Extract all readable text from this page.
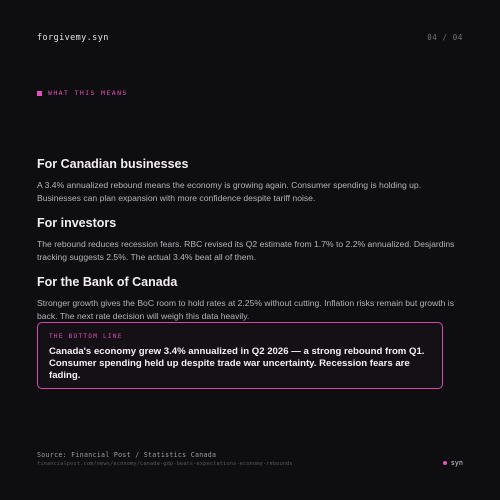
forgivemy.syn	04 / 04
WHAT THIS MEANS
For Canadian businesses

A 3.4% annualized rebound means the economy is growing again. Consumer spending is holding up. Businesses can plan expansion with more confidence despite tariff noise.

For investors

The rebound reduces recession fears. RBC revised its Q2 estimate from 1.7% to 2.2% annualized. Desjardins tracking suggests 2.5%. The actual 3.4% beat all of them.

For the Bank of Canada

Stronger growth gives the BoC room to hold rates at 2.25% without cutting. Inflation risks remain but growth is back. The next rate decision will weigh this data heavily.

THE BOTTOM LINE
Canada's economy grew 3.4% annualized in Q2 2026 — a strong rebound from Q1. Consumer spending held up despite trade war uncertainty. Recession fears are fading.
Source: Financial Post / Statistics Canada
financialpost.com/news/economy/canada-gdp-beats-expectations-economy-rebounds	syn
